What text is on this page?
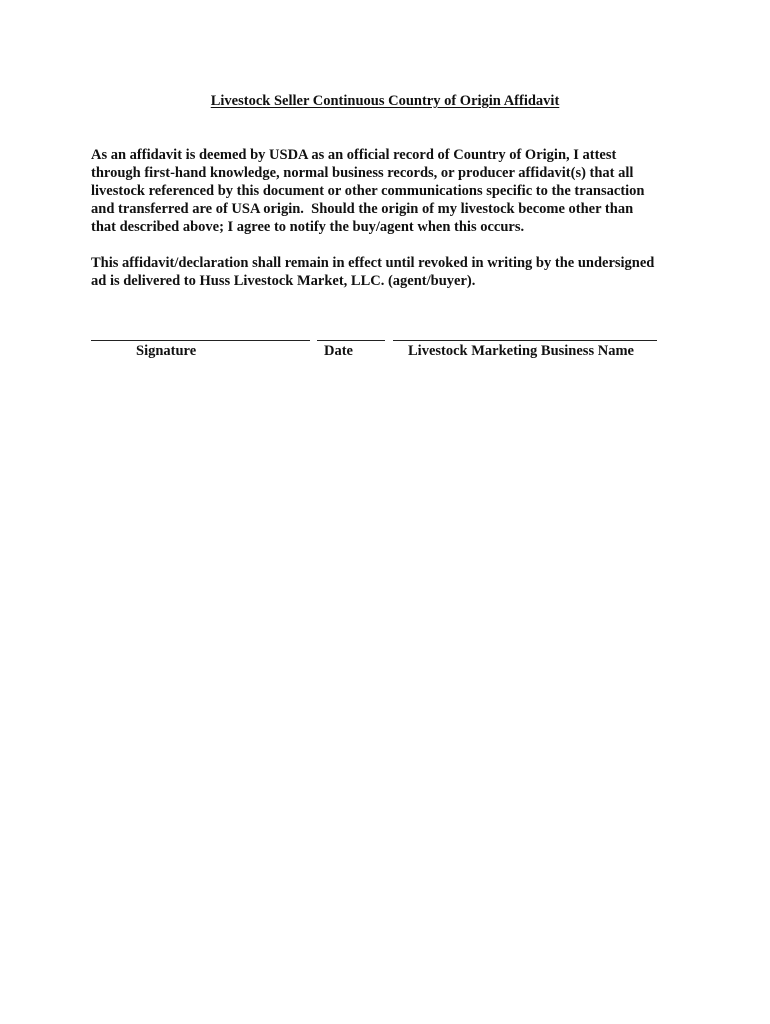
Livestock Seller Continuous Country of Origin Affidavit
As an affidavit is deemed by USDA as an official record of Country of Origin, I attest
through first-hand knowledge, normal business records, or producer affidavit(s) that all
livestock referenced by this document or other communications specific to the transaction
and transferred are of USA origin.  Should the origin of my livestock become other than
that described above; I agree to notify the buy/agent when this occurs.
This affidavit/declaration shall remain in effect until revoked in writing by the undersigned
ad is delivered to Huss Livestock Market, LLC. (agent/buyer).
Signature	Date	Livestock Marketing Business Name
